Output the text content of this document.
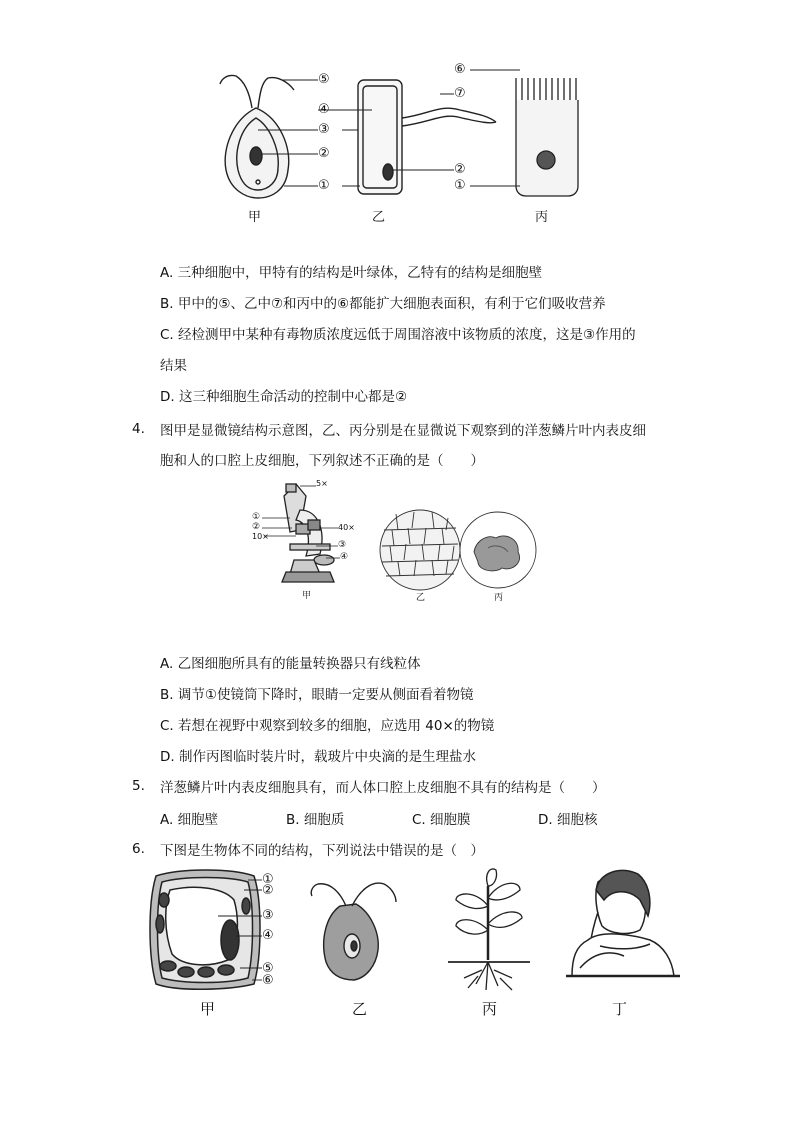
⑤
④
③
②
①
⑥
⑦
②
①
甲	乙	丙
A. 三种细胞中，甲特有的结构是叶绿体，乙特有的结构是细胞壁
B. 甲中的⑤、乙中⑦和丙中的⑥都能扩大细胞表面积，有利于它们吸收营养
C. 经检测甲中某种有毒物质浓度远低于周围溶液中该物质的浓度，这是③作用的
结果
D. 这三种细胞生命活动的控制中心都是②
4. 图甲是显微镜结构示意图，乙、丙分别是在显微说下观察到的洋葱鳞片叶内表皮细
胞和人的口腔上皮细胞，下列叙述不正确的是（　　）
5×
①
②
10×
40×
③
④
甲	乙	丙
A. 乙图细胞所具有的能量转换器只有线粒体
B. 调节①使镜筒下降时，眼睛一定要从侧面看着物镜
C. 若想在视野中观察到较多的细胞，应选用 40×的物镜
D. 制作丙图临时装片时，载玻片中央滴的是生理盐水
5. 洋葱鳞片叶内表皮细胞具有，而人体口腔上皮细胞不具有的结构是（　　）
A. 细胞壁	B. 细胞质	C. 细胞膜	D. 细胞核
6. 下图是生物体不同的结构，下列说法中错误的是（　）
①
②
③
④
⑤
⑥
甲	乙	丙	丁
